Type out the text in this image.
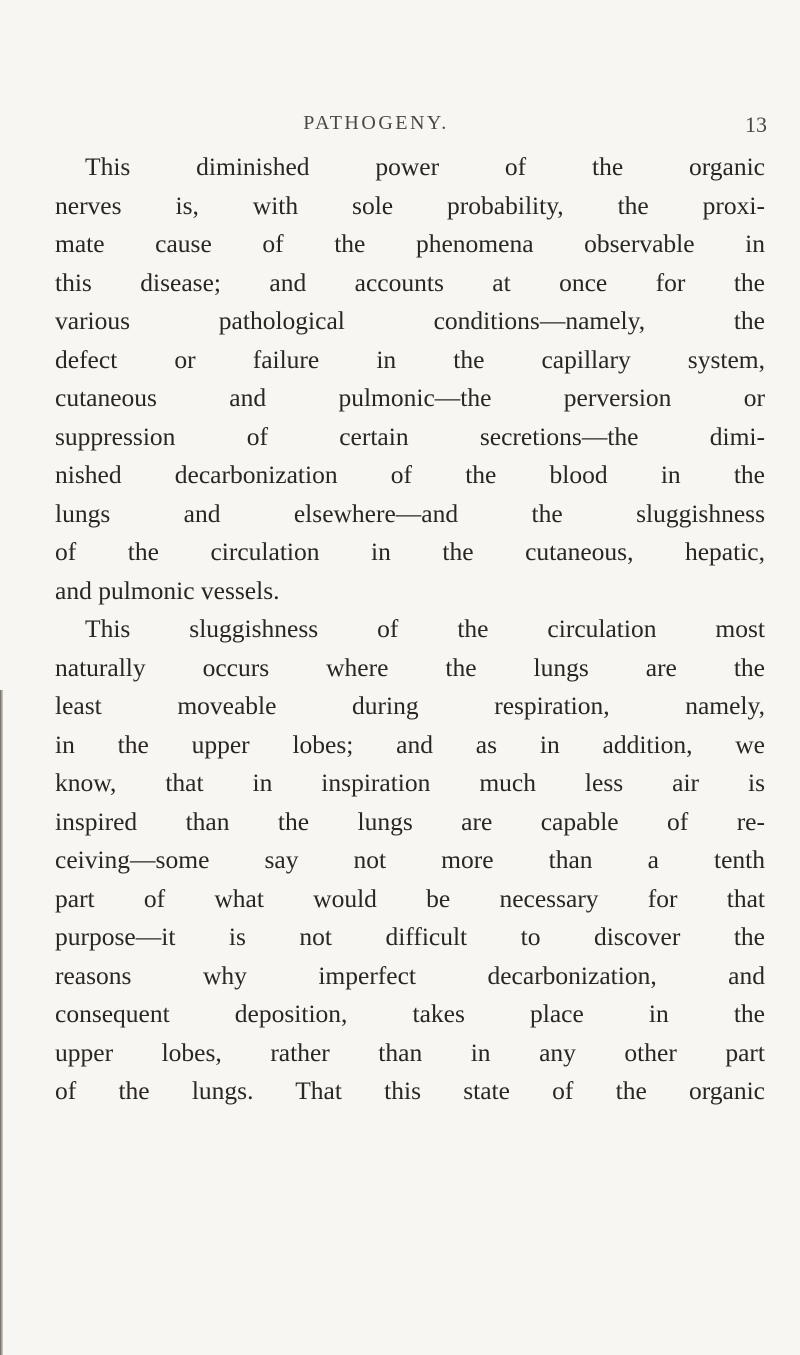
PATHOGENY.	13
This diminished power of the organic
nerves is, with sole probability, the proxi-
mate cause of the phenomena observable in
this disease; and accounts at once for the
various pathological conditions—namely, the
defect or failure in the capillary system,
cutaneous and pulmonic—the perversion or
suppression of certain secretions—the dimi-
nished decarbonization of the blood in the
lungs and elsewhere—and the sluggishness
of the circulation in the cutaneous, hepatic,
and pulmonic vessels.
This sluggishness of the circulation most
naturally occurs where the lungs are the
least moveable during respiration, namely,
in the upper lobes; and as in addition, we
know, that in inspiration much less air is
inspired than the lungs are capable of re-
ceiving—some say not more than a tenth
part of what would be necessary for that
purpose—it is not difficult to discover the
reasons why imperfect decarbonization, and
consequent deposition, takes place in the
upper lobes, rather than in any other part
of the lungs. That this state of the organic
